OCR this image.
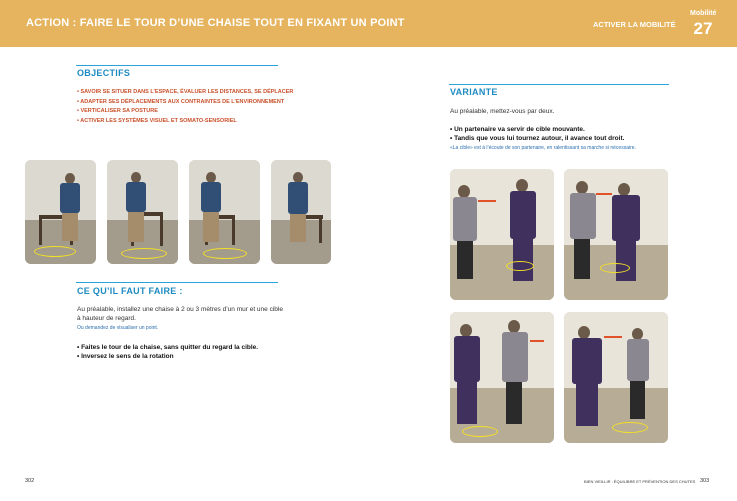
ACTION : FAIRE LE TOUR D’UNE CHAISE TOUT EN FIXANT UN POINT	ACTIVER LA MOBILITÉ
Mobilité
27
OBJECTIFS
• SAVOIR SE SITUER DANS L’ESPACE, ÉVALUER LES DISTANCES, SE DÉPLACER
• ADAPTER SES DÉPLACEMENTS AUX CONTRAINTES DE L’ENVIRONNEMENT
• VERTICALISER SA POSTURE
• ACTIVER LES SYSTÈMES VISUEL ET SOMATO-SENSORIEL
CE QU’IL FAUT FAIRE :
Au préalable, installez une chaise à 2 ou 3 mètres d’un mur et une cible à hauteur de regard.
Ou demandez de visualiser un point.
• Faites le tour de la chaise, sans quitter du regard la cible.
• Inversez le sens de la rotation
VARIANTE
Au préalable, mettez-vous par deux.
• Un partenaire va servir de cible mouvante.
• Tandis que vous lui tournez autour, il avance tout droit.
«La cible» est à l’écoute de son partenaire, en ralentissant sa marche si nécessaire.
302	BIEN VIEILLIR : ÉQUILIBRE ET PRÉVENTION DES CHUTES 303
